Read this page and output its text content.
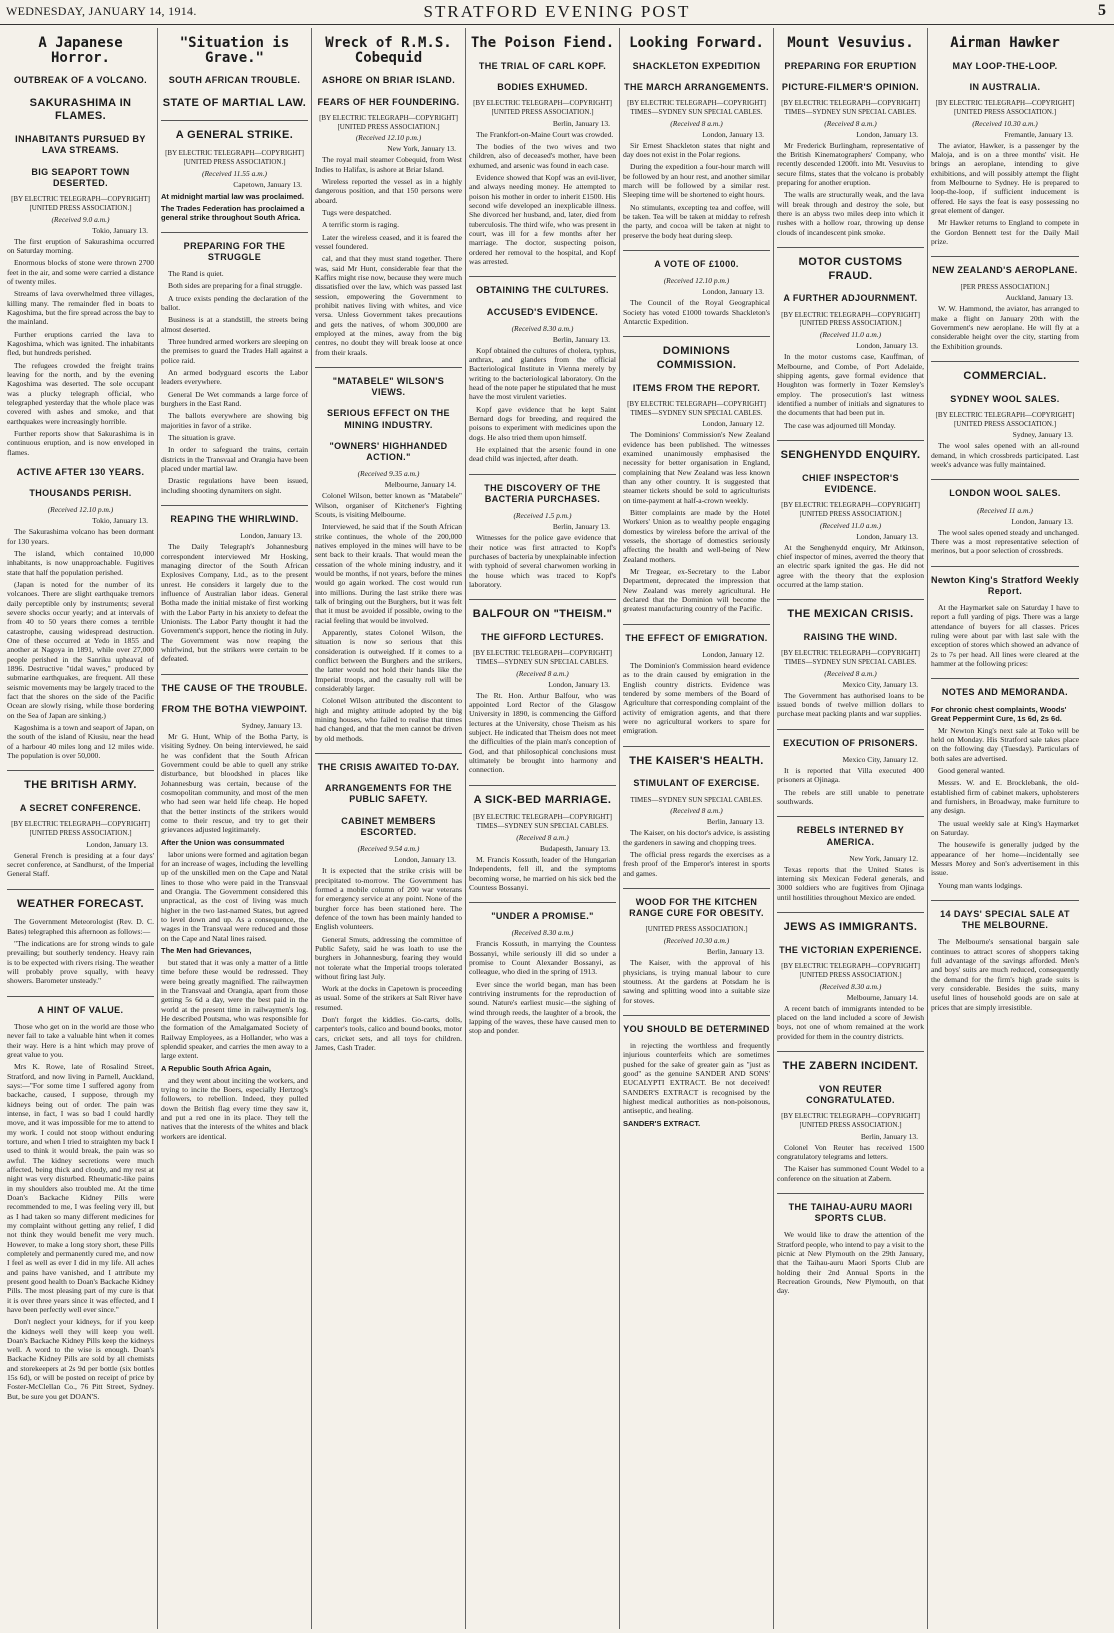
WEDNESDAY, JANUARY 14, 1914.	STRATFORD EVENING POST	5
A Japanese Horror.
OUTBREAK OF A VOLCANO.
SAKURASHIMA IN FLAMES.
INHABITANTS PURSUED BY LAVA STREAMS.
BIG SEAPORT TOWN DESERTED.
[BY ELECTRIC TELEGRAPH—COPYRIGHT] [UNITED PRESS ASSOCIATION.]
(Received 9.0 a.m.)
Tokio, January 13.

The first eruption of Sakurashima occurred on Saturday morning.

Enormous blocks of stone were thrown 2700 feet in the air, and some were carried a distance of twenty miles.

Streams of lava overwhelmed three villages, killing many. The remainder fled in boats to Kagoshima, but the fire spread across the bay to the mainland.

Further eruptions carried the lava to Kagoshima, which was ignited. The inhabitants fled, but hundreds perished.

The refugees crowded the freight trains leaving for the north, and by the evening Kagoshima was deserted. The sole occupant was a plucky telegraph official, who telegraphed yesterday that the whole place was covered with ashes and smoke, and that earthquakes were increasingly horrible.

Further reports show that Sakurashima is in continuous eruption, and is now enveloped in flames.

ACTIVE AFTER 130 YEARS.
THOUSANDS PERISH.
(Received 12.10 p.m.)
Tokio, January 13.

The Sakurashima volcano has been dormant for 130 years.

The island, which contained 10,000 inhabitants, is now unapproachable. Fugitives state that half the population perished.

(Japan is noted for the number of its volcanoes. There are slight earthquake tremors daily perceptible only by instruments; several severe shocks occur yearly; and at intervals of from 40 to 50 years there comes a terrible catastrophe, causing widespread destruction. One of these occurred at Yedo in 1855 and another at Nagoya in 1891, while over 27,000 people perished in the Sanriku upheaval of 1896. Destructive "tidal waves," produced by submarine earthquakes, are frequent. All these seismic movements may be largely traced to the fact that the shores on the side of the Pacific Ocean are slowly rising, while those bordering on the Sea of Japan are sinking.)

Kagoshima is a town and seaport of Japan, on the south of the island of Kiusiu, near the head of a harbour 40 miles long and 12 miles wide. The population is over 50,000.

THE BRITISH ARMY.
A SECRET CONFERENCE.
[BY ELECTRIC TELEGRAPH—COPYRIGHT] [UNITED PRESS ASSOCIATION.]
London, January 13.

General French is presiding at a four days' secret conference, at Sandhurst, of the Imperial General Staff.

WEATHER FORECAST.

The Government Meteorologist (Rev. D. C. Bates) telegraphed this afternoon as follows:—

"The indications are for strong winds to gale prevailing; but southerly tendency. Heavy rain is to be expected with rivers rising. The weather will probably prove squally, with heavy showers. Barometer unsteady."

A HINT OF VALUE.

Those who get on in the world are those who never fail to take a valuable hint when it comes their way. Here is a hint which may prove of great value to you.

Mrs K. Rowe, late of Rosalind Street, Stratford, and now living in Parnell, Auckland, says:—"For some time I suffered agony from backache, caused, I suppose, through my kidneys being out of order. The pain was intense, in fact, I was so bad I could hardly move, and it was impossible for me to attend to my work. I could not stoop without enduring torture, and when I tried to straighten my back I used to think it would break, the pain was so awful. The kidney secretions were much affected, being thick and cloudy, and my rest at night was very disturbed. Rheumatic-like pains in my shoulders also troubled me. At the time Doan's Backache Kidney Pills were recommended to me, I was feeling very ill, but as I had taken so many different medicines for my complaint without getting any relief, I did not think they would benefit me very much. However, to make a long story short, these Pills completely and permanently cured me, and now I feel as well as ever I did in my life. All aches and pains have vanished, and I attribute my present good health to Doan's Backache Kidney Pills. The most pleasing part of my cure is that it is over three years since it was effected, and I have been perfectly well ever since."

Don't neglect your kidneys, for if you keep the kidneys well they will keep you well. Doan's Backache Kidney Pills keep the kidneys well. A word to the wise is enough. Doan's Backache Kidney Pills are sold by all chemists and storekeepers at 2s 9d per bottle (six bottles 15s 6d), or will be posted on receipt of price by Foster-McClellan Co., 76 Pitt Street, Sydney. But, be sure you get DOAN'S.

"Situation is Grave."
SOUTH AFRICAN TROUBLE.
STATE OF MARTIAL LAW.
A GENERAL STRIKE.
[BY ELECTRIC TELEGRAPH—COPYRIGHT] [UNITED PRESS ASSOCIATION.]
(Received 11.55 a.m.)
Capetown, January 13.
At midnight martial law was proclaimed.
The Trades Federation has proclaimed a general strike throughout South Africa.
PREPARING FOR THE STRUGGLE

The Rand is quiet.

Both sides are preparing for a final struggle.

A truce exists pending the declaration of the ballot.

Business is at a standstill, the streets being almost deserted.

Three hundred armed workers are sleeping on the premises to guard the Trades Hall against a police raid.

An armed bodyguard escorts the Labor leaders everywhere.

General De Wet commands a large force of burghers in the East Rand.

The ballots everywhere are showing big majorities in favor of a strike.

The situation is grave.

In order to safeguard the trains, certain districts in the Transvaal and Orangia have been placed under martial law.

Drastic regulations have been issued, including shooting dynamiters on sight.

REAPING THE WHIRLWIND.
London, January 13.

The Daily Telegraph's Johannesburg correspondent interviewed Mr Hosking, managing director of the South African Explosives Company, Ltd., as to the present unrest. He considers it largely due to the influence of Australian labor ideas. General Botha made the initial mistake of first working with the Labor Party in his anxiety to defeat the Unionists. The Labor Party thought it had the Government's support, hence the rioting in July. The Government was now reaping the whirlwind, but the strikers were certain to be defeated.

THE CAUSE OF THE TROUBLE.
FROM THE BOTHA VIEWPOINT.
Sydney, January 13.

Mr G. Hunt, Whip of the Botha Party, is visiting Sydney. On being interviewed, he said he was confident that the South African Government could be able to quell any strike disturbance, but bloodshed in places like Johannesburg was certain, because of the cosmopolitan community, and most of the men who had seen war held life cheap. He hoped that the better instincts of the strikers would come to their rescue, and try to get their grievances adjusted legitimately.

After the Union was consummated

labor unions were formed and agitation began for an increase of wages, including the levelling up of the unskilled men on the Cape and Natal lines to those who were paid in the Transvaal and Orangia. The Government considered this unpractical, as the cost of living was much higher in the two last-named States, but agreed to level down and up. As a consequence, the wages in the Transvaal were reduced and those on the Cape and Natal lines raised.

The Men had Grievances,

but stated that it was only a matter of a little time before these would be redressed. They were being greatly magnified. The railwaymen in the Transvaal and Orangia, apart from those getting 5s 6d a day, were the best paid in the world at the present time in railwaymen's log. He described Poutsma, who was responsible for the formation of the Amalgamated Society of Railway Employees, as a Hollander, who was a splendid speaker, and carries the men away to a large extent.

A Republic South Africa Again,

and they went about inciting the workers, and trying to incite the Boers, especially Hertzog's followers, to rebellion. Indeed, they pulled down the British flag every time they saw it, and put a red one in its place. They tell the natives that the interests of the whites and black workers are identical.

Wreck of R.M.S. Cobequid
ASHORE ON BRIAR ISLAND.
FEARS OF HER FOUNDERING.
[BY ELECTRIC TELEGRAPH—COPYRIGHT] [UNITED PRESS ASSOCIATION.]
(Received 12.10 p.m.)
New York, January 13.

The royal mail steamer Cobequid, from West Indies to Halifax, is ashore at Briar Island.

Wireless reported the vessel as in a highly dangerous position, and that 150 persons were aboard.

Tugs were despatched.

A terrific storm is raging.

Later the wireless ceased, and it is feared the vessel foundered.

cal, and that they must stand together. There was, said Mr Hunt, considerable fear that the Kaffirs might rise now, because they were much dissatisfied over the law, which was passed last session, empowering the Government to prohibit natives living with whites, and vice versa. Unless Government takes precautions and gets the natives, of whom 300,000 are employed at the mines, away from the big centres, no doubt they will break loose at once from their kraals.

"MATABELE" WILSON'S VIEWS.
SERIOUS EFFECT ON THE MINING INDUSTRY.
"OWNERS' HIGHHANDED ACTION."
(Received 9.35 a.m.)
Melbourne, January 14.

Colonel Wilson, better known as "Matabele" Wilson, organiser of Kitchener's Fighting Scouts, is visiting Melbourne.

Interviewed, he said that if the South African strike continues, the whole of the 200,000 natives employed in the mines will have to be sent back to their kraals. That would mean the cessation of the whole mining industry, and it would be months, if not years, before the mines would go again worked. The cost would run into millions. During the last strike there was talk of bringing out the Burghers, but it was felt that it must be avoided if possible, owing to the racial feeling that would be involved.

Apparently, states Colonel Wilson, the situation is now so serious that this consideration is outweighed. If it comes to a conflict between the Burghers and the strikers, the latter would not hold their hands like the Imperial troops, and the casualty roll will be considerably larger.

Colonel Wilson attributed the discontent to high and mighty attitude adopted by the big mining houses, who failed to realise that times had changed, and that the men cannot be driven by old methods.

THE CRISIS AWAITED TO-DAY.
ARRANGEMENTS FOR THE PUBLIC SAFETY.
CABINET MEMBERS ESCORTED.
(Received 9.54 a.m.)
London, January 13.

It is expected that the strike crisis will be precipitated to-morrow. The Government has formed a mobile column of 200 war veterans for emergency service at any point. None of the burgher force has been stationed here. The defence of the town has been mainly handed to English volunteers.

General Smuts, addressing the committee of Public Safety, said he was loath to use the burghers in Johannesburg, fearing they would not tolerate what the Imperial troops tolerated without firing last July.

Work at the docks in Capetown is proceeding as usual. Some of the strikers at Salt River have resumed.

Don't forget the kiddies. Go-carts, dolls, carpenter's tools, calico and bound books, motor cars, cricket sets, and all toys for children. James, Cash Trader.

The Poison Fiend.
THE TRIAL OF CARL KOPF.
BODIES EXHUMED.
[BY ELECTRIC TELEGRAPH—COPYRIGHT] [UNITED PRESS ASSOCIATION.]
Berlin, January 13.

The Frankfort-on-Maine Court was crowded.

The bodies of the two wives and two children, also of deceased's mother, have been exhumed, and arsenic was found in each case.

Evidence showed that Kopf was an evil-liver, and always needing money. He attempted to poison his mother in order to inherit £1500. His second wife developed an inexplicable illness. She divorced her husband, and, later, died from tuberculosis. The third wife, who was present in court, was ill for a few months after her marriage. The doctor, suspecting poison, ordered her removal to the hospital, and Kopf was arrested.

OBTAINING THE CULTURES.
ACCUSED'S EVIDENCE.
(Received 8.30 a.m.)
Berlin, January 13.

Kopf obtained the cultures of cholera, typhus, anthrax, and glanders from the official Bacteriological Institute in Vienna merely by writing to the bacteriological laboratory. On the head of the note paper he stipulated that he must have the most virulent varieties.

Kopf gave evidence that he kept Saint Bernard dogs for breeding, and required the poisons to experiment with medicines upon the dogs. He also tried them upon himself.

He explained that the arsenic found in one dead child was injected, after death.

THE DISCOVERY OF THE BACTERIA PURCHASES.
(Received 1.5 p.m.)
Berlin, January 13.

Witnesses for the police gave evidence that their notice was first attracted to Kopf's purchases of bacteria by unexplainable infection with typhoid of several charwomen working in the house which was traced to Kopf's laboratory.

BALFOUR ON "THEISM."
THE GIFFORD LECTURES.
[BY ELECTRIC TELEGRAPH—COPYRIGHT] TIMES—SYDNEY SUN SPECIAL CABLES.
(Received 8 a.m.)
London, January 13.

The Rt. Hon. Arthur Balfour, who was appointed Lord Rector of the Glasgow University in 1890, is commencing the Gifford lectures at the University, chose Theism as his subject. He indicated that Theism does not meet the difficulties of the plain man's conception of God, and that philosophical conclusions must ultimately be brought into harmony and connection.

A SICK-BED MARRIAGE.
[BY ELECTRIC TELEGRAPH—COPYRIGHT] TIMES—SYDNEY SUN SPECIAL CABLES.
(Received 8 a.m.)
Budapesth, January 13.

M. Francis Kossuth, leader of the Hungarian Independents, fell ill, and the symptoms becoming worse, he married on his sick bed the Countess Bossanyi.

"UNDER A PROMISE."
(Received 8.30 a.m.)

Francis Kossuth, in marrying the Countess Bossanyi, while seriously ill did so under a promise to Count Alexander Bossanyi, as colleague, who died in the spring of 1913.

Ever since the world began, man has been contriving instruments for the reproduction of sound. Nature's earliest music—the sighing of wind through reeds, the laughter of a brook, the lapping of the waves, these have caused men to stop and ponder.

Looking Forward.
SHACKLETON EXPEDITION
THE MARCH ARRANGEMENTS.
[BY ELECTRIC TELEGRAPH—COPYRIGHT] TIMES—SYDNEY SUN SPECIAL CABLES.
(Received 8 a.m.)
London, January 13.

Sir Ernest Shackleton states that night and day does not exist in the Polar regions.

During the expedition a four-hour march will be followed by an hour rest, and another similar march will be followed by a similar rest. Sleeping time will be shortened to eight hours.

No stimulants, excepting tea and coffee, will be taken. Tea will be taken at midday to refresh the party, and cocoa will be taken at night to preserve the body heat during sleep.

A VOTE OF £1000.
(Received 12.10 p.m.)
London, January 13.

The Council of the Royal Geographical Society has voted £1000 towards Shackleton's Antarctic Expedition.

DOMINIONS COMMISSION.
ITEMS FROM THE REPORT.
[BY ELECTRIC TELEGRAPH—COPYRIGHT] TIMES—SYDNEY SUN SPECIAL CABLES.
London, January 12.

The Dominions' Commission's New Zealand evidence has been published. The witnesses examined unanimously emphasised the necessity for better organisation in England, complaining that New Zealand was less known than any other country. It is suggested that steamer tickets should be sold to agriculturists on time-payment at half-a-crown weekly.

Bitter complaints are made by the Hotel Workers' Union as to wealthy people engaging domestics by wireless before the arrival of the vessels, the shortage of domestics seriously affecting the health and well-being of New Zealand mothers.

Mr Tregear, ex-Secretary to the Labor Department, deprecated the impression that New Zealand was merely agricultural. He declared that the Dominion will become the greatest manufacturing country of the Pacific.

THE EFFECT OF EMIGRATION.
London, January 12.

The Dominion's Commission heard evidence as to the drain caused by emigration in the English country districts. Evidence was tendered by some members of the Board of Agriculture that corresponding complaint of the activity of emigration agents, and that there were no agricultural workers to spare for emigration.

THE KAISER'S HEALTH.
STIMULANT OF EXERCISE.
TIMES—SYDNEY SUN SPECIAL CABLES.
(Received 8 a.m.)
Berlin, January 13.

The Kaiser, on his doctor's advice, is assisting the gardeners in sawing and chopping trees.

The official press regards the exercises as a fresh proof of the Emperor's interest in sports and games.

WOOD FOR THE KITCHEN RANGE CURE FOR OBESITY.
[UNITED PRESS ASSOCIATION.]
(Received 10.30 a.m.)
Berlin, January 13.

The Kaiser, with the approval of his physicians, is trying manual labour to cure stoutness. At the gardens at Potsdam he is sawing and splitting wood into a suitable size for stoves.

YOU SHOULD BE DETERMINED

in rejecting the worthless and frequently injurious counterfeits which are sometimes pushed for the sake of greater gain as "just as good" as the genuine SANDER AND SONS' EUCALYPTI EXTRACT. Be not deceived! SANDER'S EXTRACT is recognised by the highest medical authorities as non-poisonous, antiseptic, and healing.

SANDER'S EXTRACT.
Mount Vesuvius.
PREPARING FOR ERUPTION
PICTURE-FILMER'S OPINION.
[BY ELECTRIC TELEGRAPH—COPYRIGHT] TIMES—SYDNEY SUN SPECIAL CABLES.
(Received 8 a.m.)
London, January 13.

Mr Frederick Burlingham, representative of the British Kinematographers' Company, who recently descended 1200ft. into Mt. Vesuvius to secure films, states that the volcano is probably preparing for another eruption.

The walls are structurally weak, and the lava will break through and destroy the sole, but there is an abyss two miles deep into which it rushes with a hollow roar, throwing up dense clouds of incandescent pink smoke.

MOTOR CUSTOMS FRAUD.
A FURTHER ADJOURNMENT.
[BY ELECTRIC TELEGRAPH—COPYRIGHT] [UNITED PRESS ASSOCIATION.]
(Received 11.0 a.m.)
London, January 13.

In the motor customs case, Kauffman, of Melbourne, and Combe, of Port Adelaide, shipping agents, gave formal evidence that Houghton was formerly in Tozer Kemsley's employ. The prosecution's last witness identified a number of initials and signatures to the documents that had been put in.

The case was adjourned till Monday.

SENGHENYDD ENQUIRY.
CHIEF INSPECTOR'S EVIDENCE.
[BY ELECTRIC TELEGRAPH—COPYRIGHT] [UNITED PRESS ASSOCIATION.]
(Received 11.0 a.m.)
London, January 13.

At the Senghenydd enquiry, Mr Atkinson, chief inspector of mines, averred the theory that an electric spark ignited the gas. He did not agree with the theory that the explosion occurred at the lamp station.

THE MEXICAN CRISIS.
RAISING THE WIND.
[BY ELECTRIC TELEGRAPH—COPYRIGHT] TIMES—SYDNEY SUN SPECIAL CABLES.
(Received 8 a.m.)
Mexico City, January 13.

The Government has authorised loans to be issued bonds of twelve million dollars to purchase meat packing plants and war supplies.

EXECUTION OF PRISONERS.
Mexico City, January 12.

It is reported that Villa executed 400 prisoners at Ojinaga.

The rebels are still unable to penetrate southwards.

REBELS INTERNED BY AMERICA.
New York, January 12.

Texas reports that the United States is interning six Mexican Federal generals, and 3000 soldiers who are fugitives from Ojinaga until hostilities throughout Mexico are ended.

JEWS AS IMMIGRANTS.
THE VICTORIAN EXPERIENCE.
[BY ELECTRIC TELEGRAPH—COPYRIGHT] [UNITED PRESS ASSOCIATION.]
(Received 8.30 a.m.)
Melbourne, January 14.

A recent batch of immigrants intended to be placed on the land included a score of Jewish boys, not one of whom remained at the work provided for them in the country districts.

THE ZABERN INCIDENT.
VON REUTER CONGRATULATED.
[BY ELECTRIC TELEGRAPH—COPYRIGHT] [UNITED PRESS ASSOCIATION.]
Berlin, January 13.

Colonel Von Reuter has received 1500 congratulatory telegrams and letters.

The Kaiser has summoned Count Wedel to a conference on the situation at Zabern.

THE TAIHAU-AURU MAORI SPORTS CLUB.

We would like to draw the attention of the Stratford people, who intend to pay a visit to the picnic at New Plymouth on the 29th January, that the Taihau-auru Maori Sports Club are holding their 2nd Annual Sports in the Recreation Grounds, New Plymouth, on that day.

Airman Hawker
MAY LOOP-THE-LOOP.
IN AUSTRALIA.
[BY ELECTRIC TELEGRAPH—COPYRIGHT] [UNITED PRESS ASSOCIATION.]
(Received 10.30 a.m.)
Fremantle, January 13.

The aviator, Hawker, is a passenger by the Maloja, and is on a three months' visit. He brings an aeroplane, intending to give exhibitions, and will possibly attempt the flight from Melbourne to Sydney. He is prepared to loop-the-loop, if sufficient inducement is offered. He says the feat is easy possessing no great element of danger.

Mr Hawker returns to England to compete in the Gordon Bennett test for the Daily Mail prize.

NEW ZEALAND'S AEROPLANE.
[PER PRESS ASSOCIATION.]
Auckland, January 13.

W. W. Hammond, the aviator, has arranged to make a flight on January 20th with the Government's new aeroplane. He will fly at a considerable height over the city, starting from the Exhibition grounds.

COMMERCIAL.
SYDNEY WOOL SALES.
[BY ELECTRIC TELEGRAPH—COPYRIGHT] [UNITED PRESS ASSOCIATION.]
Sydney, January 13.

The wool sales opened with an all-round demand, in which crossbreds participated. Last week's advance was fully maintained.

LONDON WOOL SALES.
(Received 11 a.m.)
London, January 13.

The wool sales opened steady and unchanged. There was a most representative selection of merinos, but a poor selection of crossbreds.

Newton King's Stratford Weekly Report.

At the Haymarket sale on Saturday I have to report a full yarding of pigs. There was a large attendance of buyers for all classes. Prices ruling were about par with last sale with the exception of stores which showed an advance of 2s to 7s per head. All lines were cleared at the hammer at the following prices:

NOTES AND MEMORANDA.
For chronic chest complaints, Woods' Great Peppermint Cure, 1s 6d, 2s 6d.

Mr Newton King's next sale at Toko will be held on Monday. His Stratford sale takes place on the following day (Tuesday). Particulars of both sales are advertised.

Good general wanted.

Messrs. W. and E. Brocklebank, the old-established firm of cabinet makers, upholsterers and furnishers, in Broadway, make furniture to any design.

The usual weekly sale at King's Haymarket on Saturday.

The housewife is generally judged by the appearance of her home—incidentally see Messrs Morey and Son's advertisement in this issue.

Young man wants lodgings.

14 DAYS' SPECIAL SALE AT THE MELBOURNE.

The Melbourne's sensational bargain sale continues to attract scores of shoppers taking full advantage of the savings afforded. Men's and boys' suits are much reduced, consequently the demand for the firm's high grade suits is very considerable. Besides the suits, many useful lines of household goods are on sale at prices that are simply irresistible.
